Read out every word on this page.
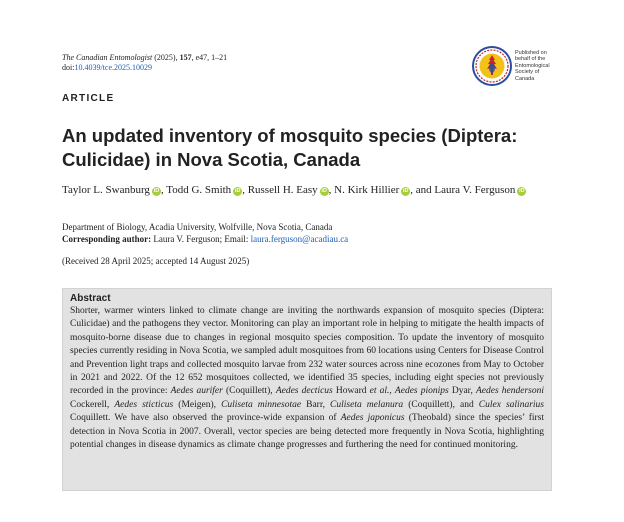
The Canadian Entomologist (2025), 157, e47, 1–21
doi:10.4039/tce.2025.10029
Published on
behalf of the
Entomological
Society of
Canada
ARTICLE
An updated inventory of mosquito species (Diptera: Culicidae) in Nova Scotia, Canada
Taylor L. Swanburg iD , Todd G. Smith iD , Russell H. Easy iD , N. Kirk Hillier iD , and Laura V. Ferguson iD
Department of Biology, Acadia University, Wolfville, Nova Scotia, Canada
Corresponding author: Laura V. Ferguson; Email: laura.ferguson@acadiau.ca
(Received 28 April 2025; accepted 14 August 2025)
Abstract

Shorter, warmer winters linked to climate change are inviting the northwards expansion of mosquito species (Diptera: Culicidae) and the pathogens they vector. Monitoring can play an important role in helping to mitigate the health impacts of mosquito-borne disease due to changes in regional mosquito species composition. To update the inventory of mosquito species currently residing in Nova Scotia, we sampled adult mosquitoes from 60 locations using Centers for Disease Control and Prevention light traps and collected mosquito larvae from 232 water sources across nine ecozones from May to October in 2021 and 2022. Of the 12 652 mosquitoes collected, we identified 35 species, including eight species not previously recorded in the province: Aedes aurifer (Coquillett), Aedes decticus Howard et al., Aedes pionips Dyar, Aedes hendersoni Cockerell, Aedes sticticus (Meigen), Culiseta minnesotae Barr, Culiseta melanura (Coquillett), and Culex salinarius Coquillett. We have also observed the province-wide expansion of Aedes japonicus (Theobald) since the species’ first detection in Nova Scotia in 2007. Overall, vector species are being detected more frequently in Nova Scotia, highlighting potential changes in disease dynamics as climate change progresses and furthering the need for continued monitoring.
